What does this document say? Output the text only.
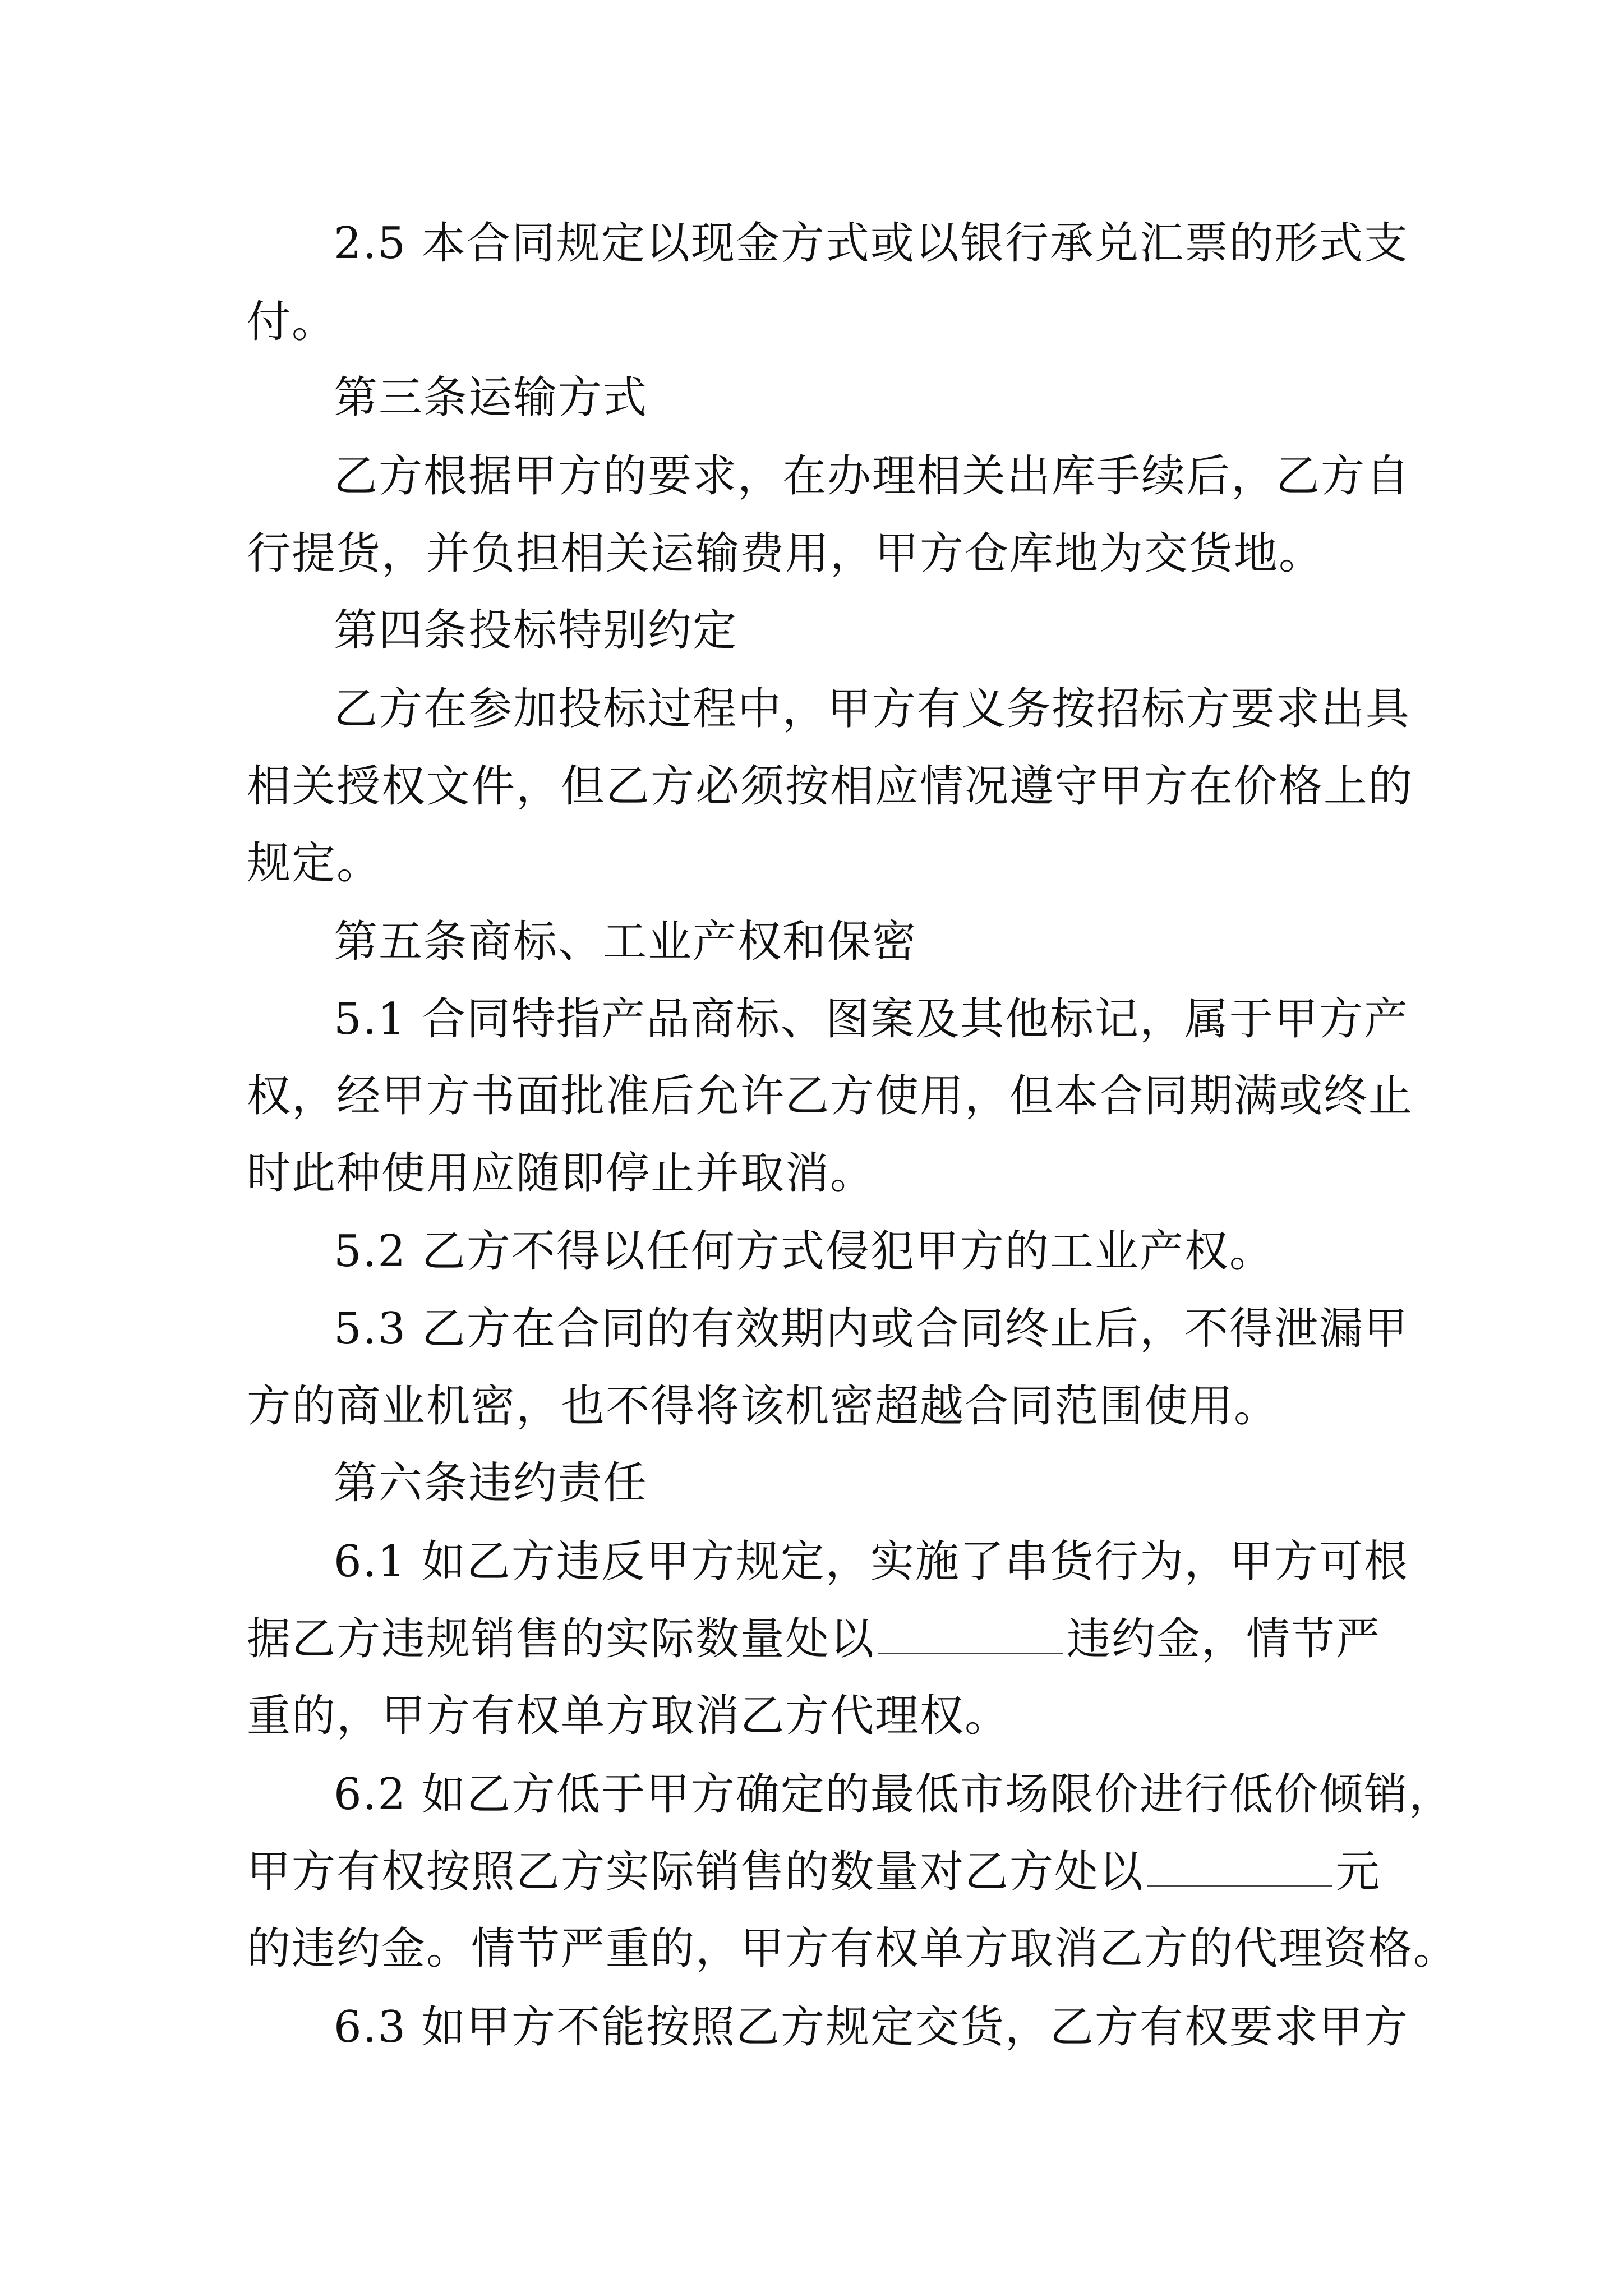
2.5 本合同规定以现金方式或以银行承兑汇票的形式支
付。
第三条运输方式
乙方根据甲方的要求，在办理相关出库手续后，乙方自
行提货，并负担相关运输费用，甲方仓库地为交货地。
第四条投标特别约定
乙方在参加投标过程中，甲方有义务按招标方要求出具
相关授权文件，但乙方必须按相应情况遵守甲方在价格上的
规定。
第五条商标、工业产权和保密
5.1 合同特指产品商标、图案及其他标记，属于甲方产
权，经甲方书面批准后允许乙方使用，但本合同期满或终止
时此种使用应随即停止并取消。
5.2 乙方不得以任何方式侵犯甲方的工业产权。
5.3 乙方在合同的有效期内或合同终止后，不得泄漏甲
方的商业机密，也不得将该机密超越合同范围使用。
第六条违约责任
6.1 如乙方违反甲方规定，实施了串货行为，甲方可根
据乙方违规销售的实际数量处以	违约金，情节严
重的，甲方有权单方取消乙方代理权。
6.2 如乙方低于甲方确定的最低市场限价进行低价倾销，
甲方有权按照乙方实际销售的数量对乙方处以	元
的违约金。情节严重的，甲方有权单方取消乙方的代理资格。
6.3 如甲方不能按照乙方规定交货，乙方有权要求甲方
